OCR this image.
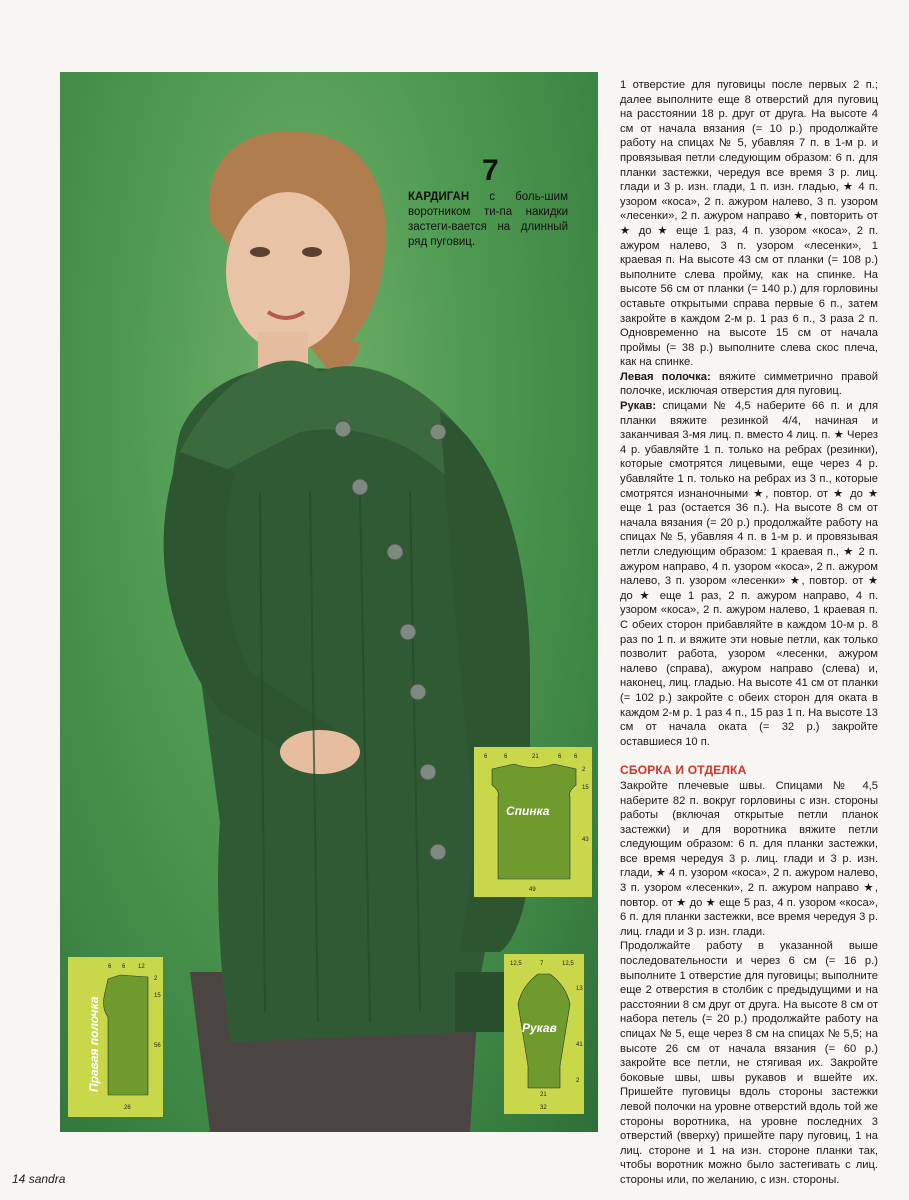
7
КАРДИГАН с боль-шим воротником ти-па накидки застеги-вается на длинный ряд пуговиц.
Спинка
6	6	21	6 6
2
15
43
49
Правая полочка
6 6 12
2
15
56
26
Рукав
12,5	7	12,5
13
41
2
21
32

1 отверстие для пуговицы после первых 2 п.; далее выполните еще 8 отверстий для пуговиц на расстоянии 18 р. друг от друга. На высоте 4 см от начала вязания (= 10 р.) продолжайте работу на спицах № 5, убавляя 7 п. в 1-м р. и провязывая петли следующим образом: 6 п. для планки застежки, чередуя все время 3 р. лиц. глади и 3 р. изн. глади, 1 п. изн. гладью, ★ 4 п. узором «коса», 2 п. ажуром налево, 3 п. узором «лесенки», 2 п. ажуром направо ★, повторить от ★ до ★ еще 1 раз, 4 п. узором «коса», 2 п. ажуром налево, 3 п. узором «лесенки», 1 краевая п. На высоте 43 см от планки (= 108 р.) выполните слева пройму, как на спинке. На высоте 56 см от планки (= 140 р.) для горловины оставьте открытыми справа первые 6 п., затем закройте в каждом 2-м р. 1 раз 6 п., 3 раза 2 п. Одновременно на высоте 15 см от начала проймы (= 38 р.) выполните слева скос плеча, как на спинке.

Левая полочка: вяжите симметрично правой полочке, исключая отверстия для пуговиц.

Рукав: спицами № 4,5 наберите 66 п. и для планки вяжите резинкой 4/4, начиная и заканчивая 3-мя лиц. п. вместо 4 лиц. п. ★ Через 4 р. убавляйте 1 п. только на ребрах (резинки), которые смотрятся лицевыми, еще через 4 р. убавляйте 1 п. только на ребрах из 3 п., которые смотрятся изнаночными ★, повтор. от ★ до ★ еще 1 раз (остается 36 п.). На высоте 8 см от начала вязания (= 20 р.) продолжайте работу на спицах № 5, убавляя 4 п. в 1-м р. и провязывая петли следующим образом: 1 краевая п., ★ 2 п. ажуром направо, 4 п. узором «коса», 2 п. ажуром налево, 3 п. узором «лесенки» ★, повтор. от ★ до ★ еще 1 раз, 2 п. ажуром направо, 4 п. узором «коса», 2 п. ажуром налево, 1 краевая п. С обеих сторон прибавляйте в каждом 10-м р. 8 раз по 1 п. и вяжите эти новые петли, как только позволит работа, узором «лесенки, ажуром налево (справа), ажуром направо (слева) и, наконец, лиц. гладью. На высоте 41 см от планки (= 102 р.) закройте с обеих сторон для оката в каждом 2-м р. 1 раз 4 п., 15 раз 1 п. На высоте 13 см от начала оката (= 32 р.) закройте оставшиеся 10 п.

СБОРКА И ОТДЕЛКА

Закройте плечевые швы. Спицами № 4,5 наберите 82 п. вокруг горловины с изн. стороны работы (включая открытые петли планок застежки) и для воротника вяжите петли следующим образом: 6 п. для планки застежки, все время чередуя 3 р. лиц. глади и 3 р. изн. глади, ★ 4 п. узором «коса», 2 п. ажуром налево, 3 п. узором «лесенки», 2 п. ажуром направо ★, повтор. от ★ до ★ еще 5 раз, 4 п. узором «коса», 6 п. для планки застежки, все время чередуя 3 р. лиц. глади и 3 р. изн. глади.

Продолжайте работу в указанной выше последовательности и через 6 см (= 16 р.) выполните 1 отверстие для пуговицы; выполните еще 2 отверстия в столбик с предыдущими и на расстоянии 8 см друг от друга. На высоте 8 см от набора петель (= 20 р.) продолжайте работу на спицах № 5, еще через 8 см на спицах № 5,5; на высоте 26 см от начала вязания (= 60 р.) закройте все петли, не стягивая их. Закройте боковые швы, швы рукавов и вшейте их. Пришейте пуговицы вдоль стороны застежки левой полочки на уровне отверстий вдоль той же стороны воротника, на уровне последних 3 отверстий (вверху) пришейте пару пуговиц, 1 на лиц. стороне и 1 на изн. стороне планки так, чтобы воротник можно было застегивать с лиц. стороны или, по желанию, с изн. стороны.

14 sandra
